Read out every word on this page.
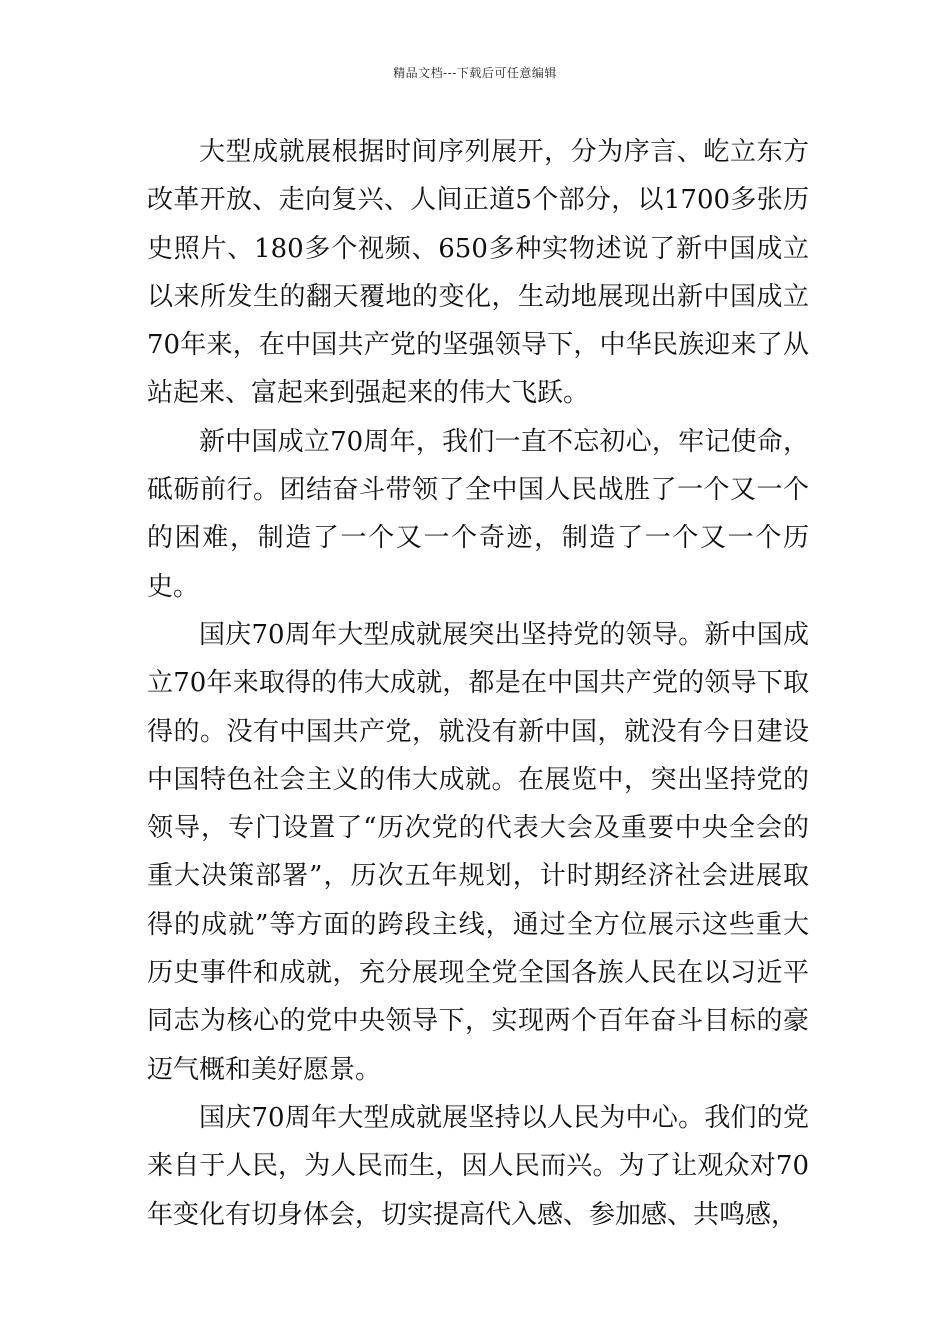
精品文档---下载后可任意编辑

大型成就展根据时间序列展开，分为序言、屹立东方改革开放、走向复兴、人间正道5个部分，以1700多张历史照片、180多个视频、650多种实物述说了新中国成立以来所发生的翻天覆地的变化，生动地展现出新中国成立70年来，在中国共产党的坚强领导下，中华民族迎来了从站起来、富起来到强起来的伟大飞跃。

新中国成立70周年，我们一直不忘初心，牢记使命，砥砺前行。团结奋斗带领了全中国人民战胜了一个又一个的困难，制造了一个又一个奇迹，制造了一个又一个历史。

国庆70周年大型成就展突出坚持党的领导。新中国成立70年来取得的伟大成就，都是在中国共产党的领导下取得的。没有中国共产党，就没有新中国，就没有今日建设中国特色社会主义的伟大成就。在展览中，突出坚持党的领导，专门设置了“历次党的代表大会及重要中央全会的重大决策部署”，历次五年规划，计时期经济社会进展取得的成就”等方面的跨段主线，通过全方位展示这些重大历史事件和成就，充分展现全党全国各族人民在以习近平同志为核心的党中央领导下，实现两个百年奋斗目标的豪迈气概和美好愿景。

国庆70周年大型成就展坚持以人民为中心。我们的党来自于人民，为人民而生，因人民而兴。为了让观众对70年变化有切身体会，切实提高代入感、参加感、共鸣感，
